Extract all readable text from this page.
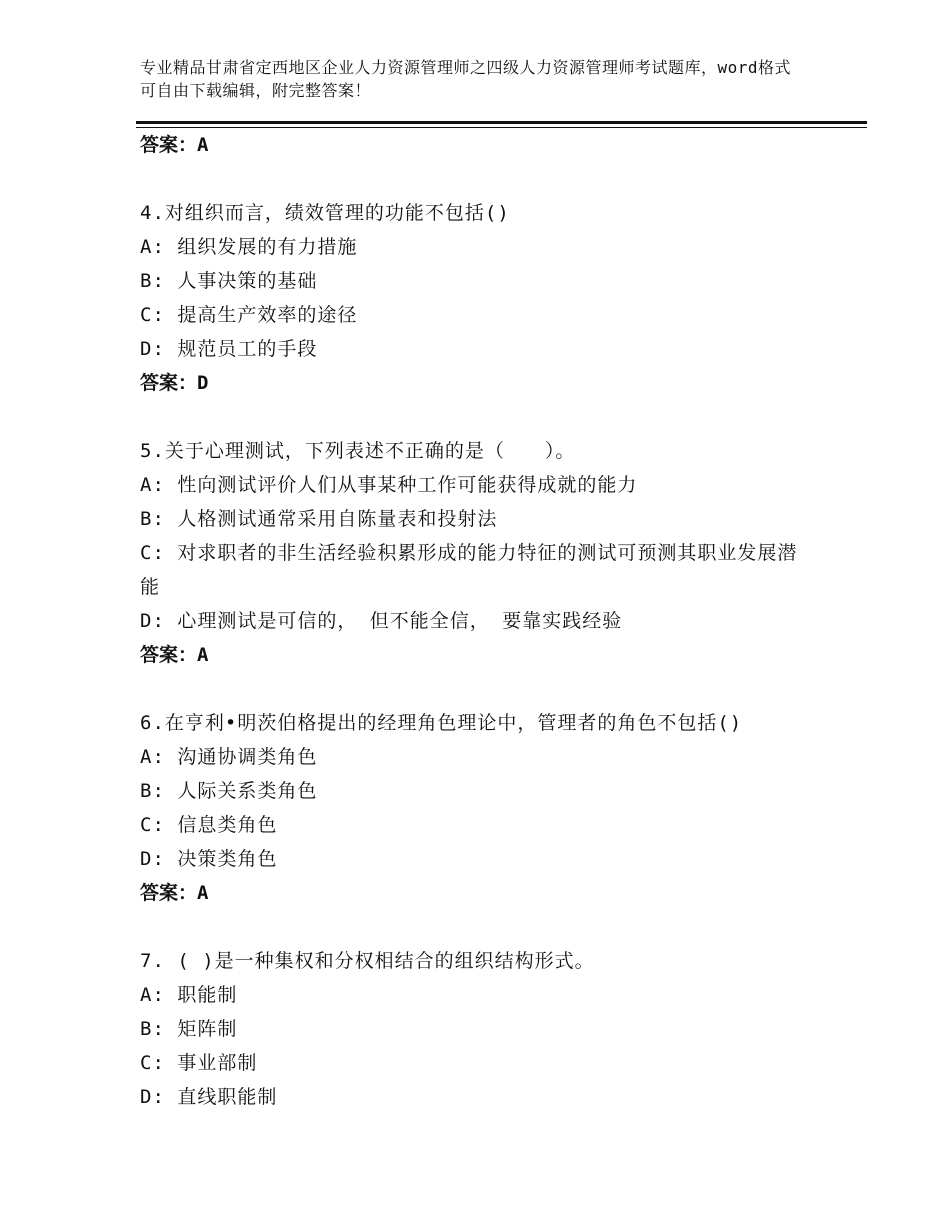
专业精品甘肃省定西地区企业人力资源管理师之四级人力资源管理师考试题库，word格式可自由下载编辑，附完整答案！

答案：A

4.对组织而言，绩效管理的功能不包括()

A: 组织发展的有力措施

B: 人事决策的基础

C: 提高生产效率的途径

D: 规范员工的手段

答案：D

5.关于心理测试，下列表述不正确的是（　　）。

A: 性向测试评价人们从事某种工作可能获得成就的能力

B: 人格测试通常采用自陈量表和投射法

C: 对求职者的非生活经验积累形成的能力特征的测试可预测其职业发展潜能

D: 心理测试是可信的， 但不能全信， 要靠实践经验

答案：A

6.在亨利•明茨伯格提出的经理角色理论中，管理者的角色不包括()

A: 沟通协调类角色

B: 人际关系类角色

C: 信息类角色

D: 决策类角色

答案：A

7. ( )是一种集权和分权相结合的组织结构形式。

A: 职能制

B: 矩阵制

C: 事业部制

D: 直线职能制
